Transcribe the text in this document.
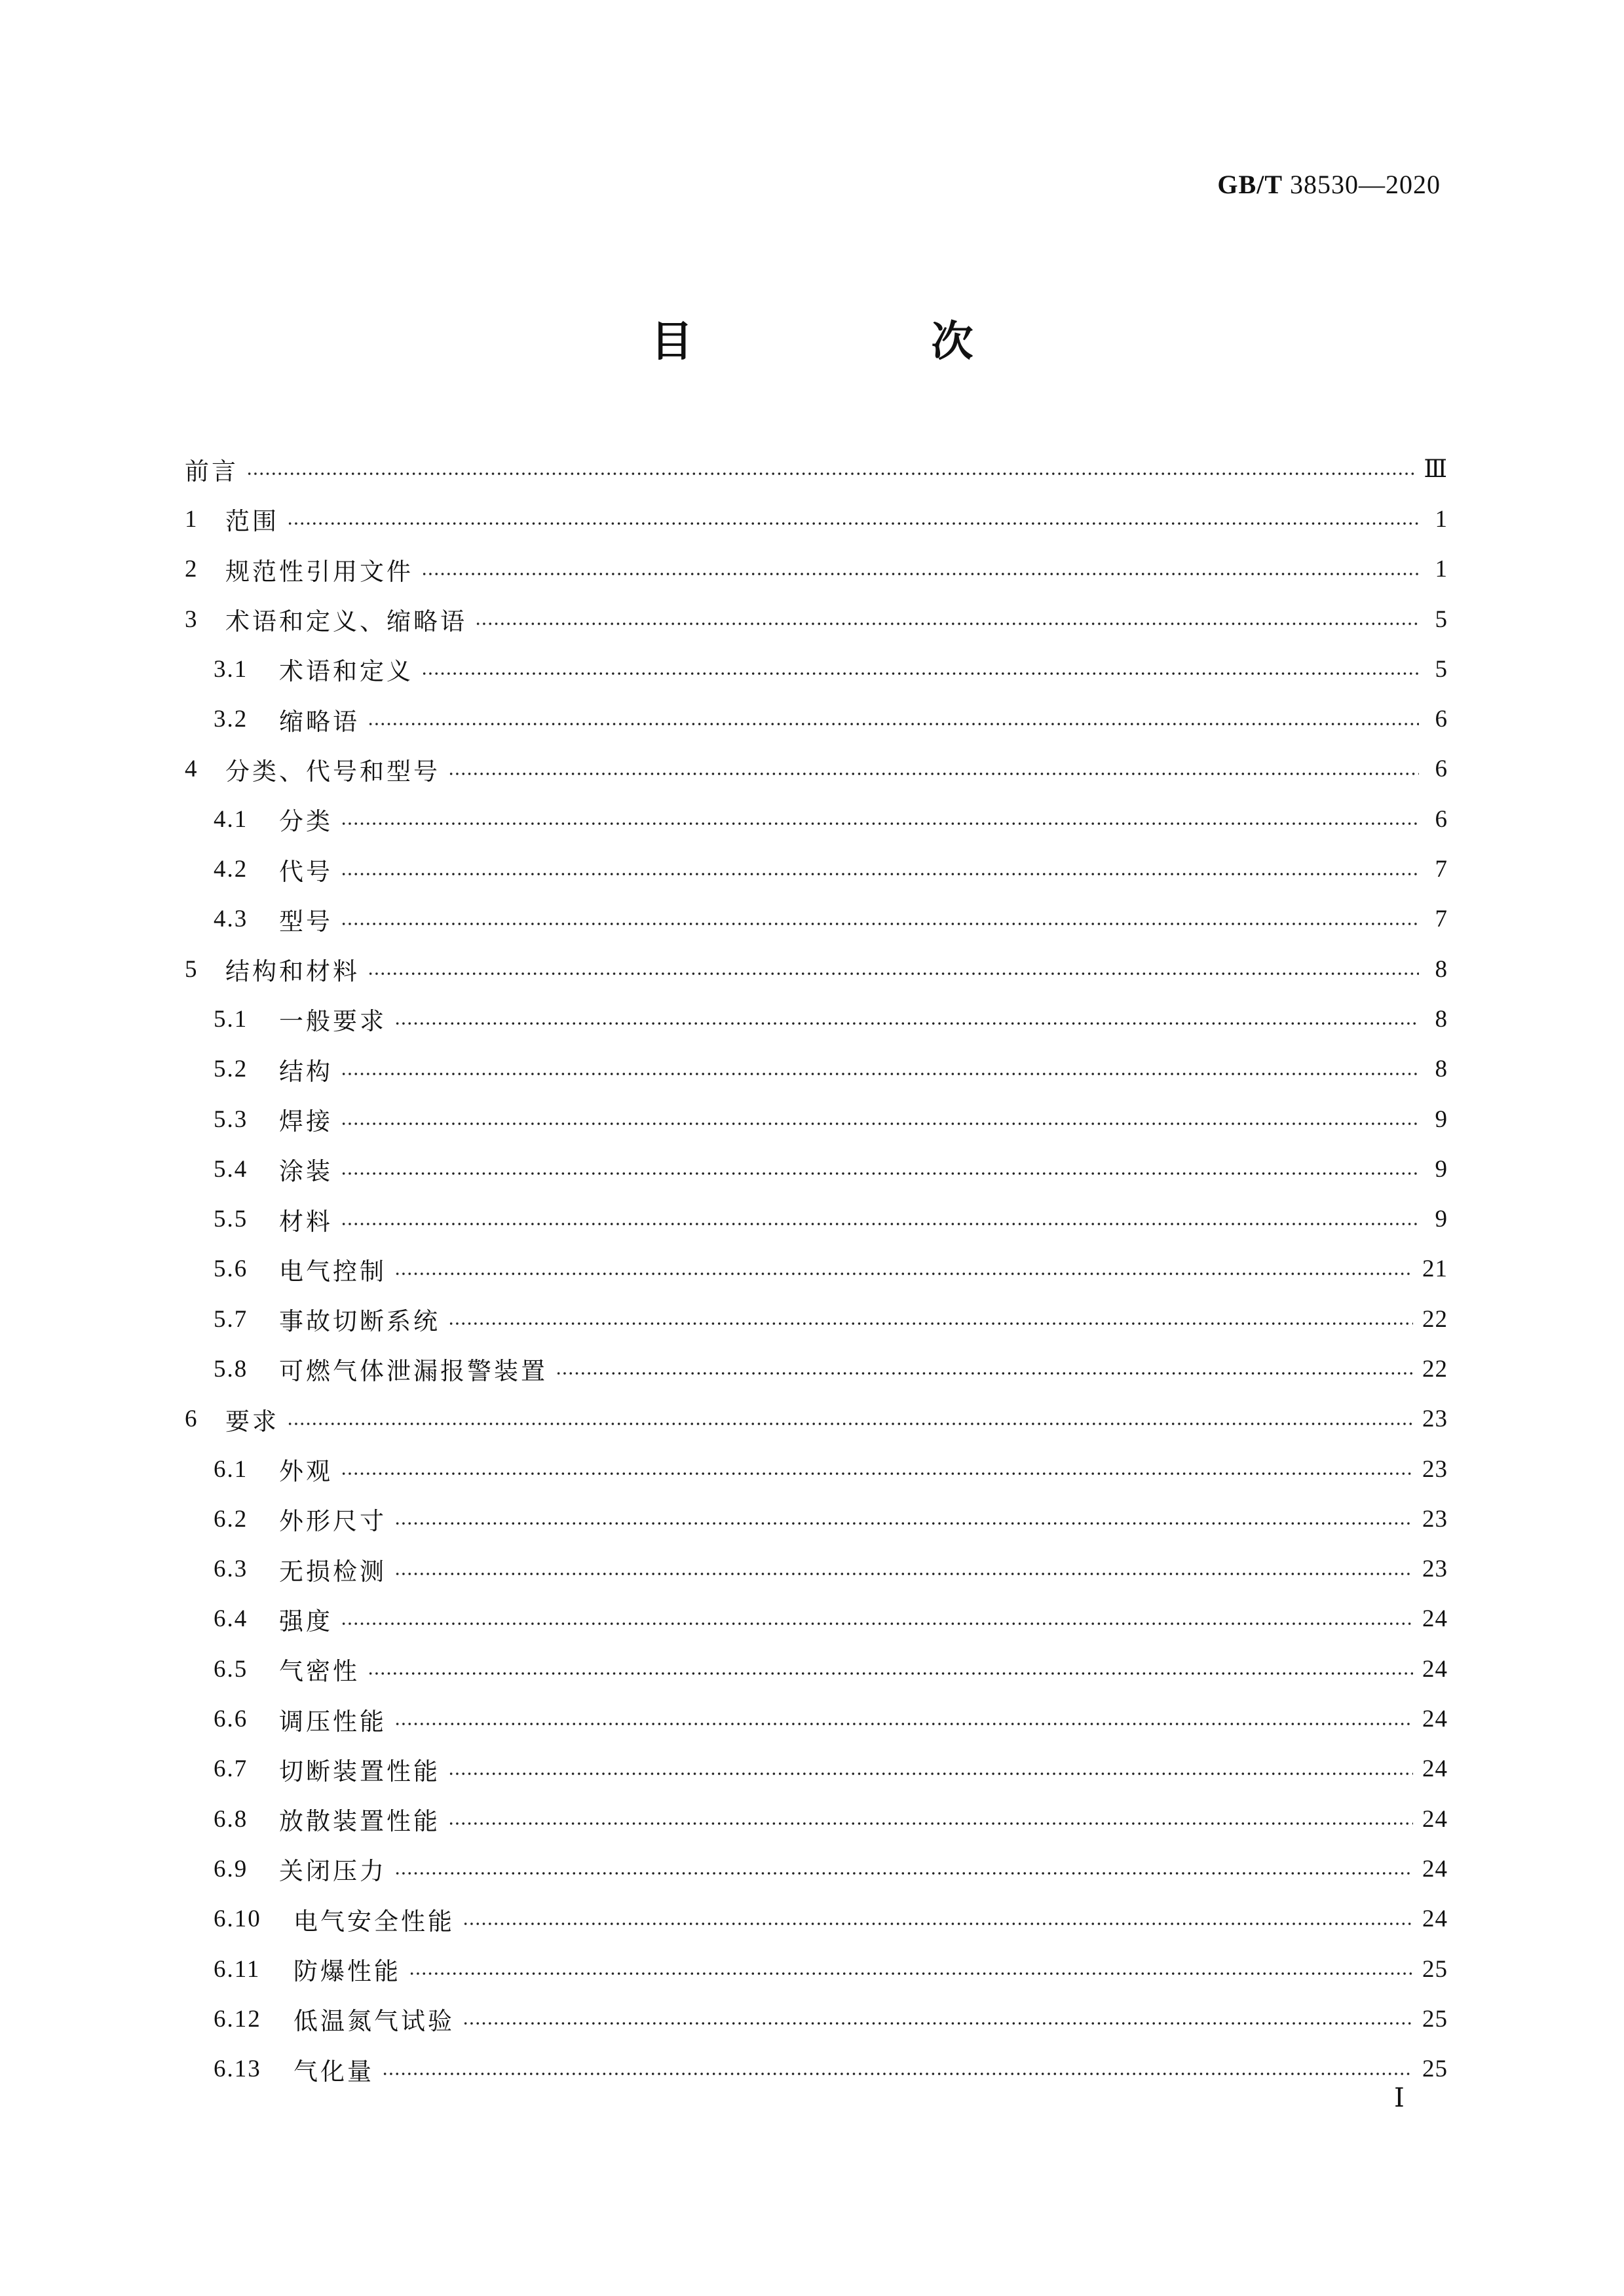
GB/T 38530—2020
目　次
前言	Ⅲ
1	范围	1
2	规范性引用文件	1
3	术语和定义、缩略语	5
3.1	术语和定义	5
3.2	缩略语	6
4	分类、代号和型号	6
4.1	分类	6
4.2	代号	7
4.3	型号	7
5	结构和材料	8
5.1	一般要求	8
5.2	结构	8
5.3	焊接	9
5.4	涂装	9
5.5	材料	9
5.6	电气控制	21
5.7	事故切断系统	22
5.8	可燃气体泄漏报警装置	22
6	要求	23
6.1	外观	23
6.2	外形尺寸	23
6.3	无损检测	23
6.4	强度	24
6.5	气密性	24
6.6	调压性能	24
6.7	切断装置性能	24
6.8	放散装置性能	24
6.9	关闭压力	24
6.10	电气安全性能	24
6.11	防爆性能	25
6.12	低温氮气试验	25
6.13	气化量	25
Ⅰ
